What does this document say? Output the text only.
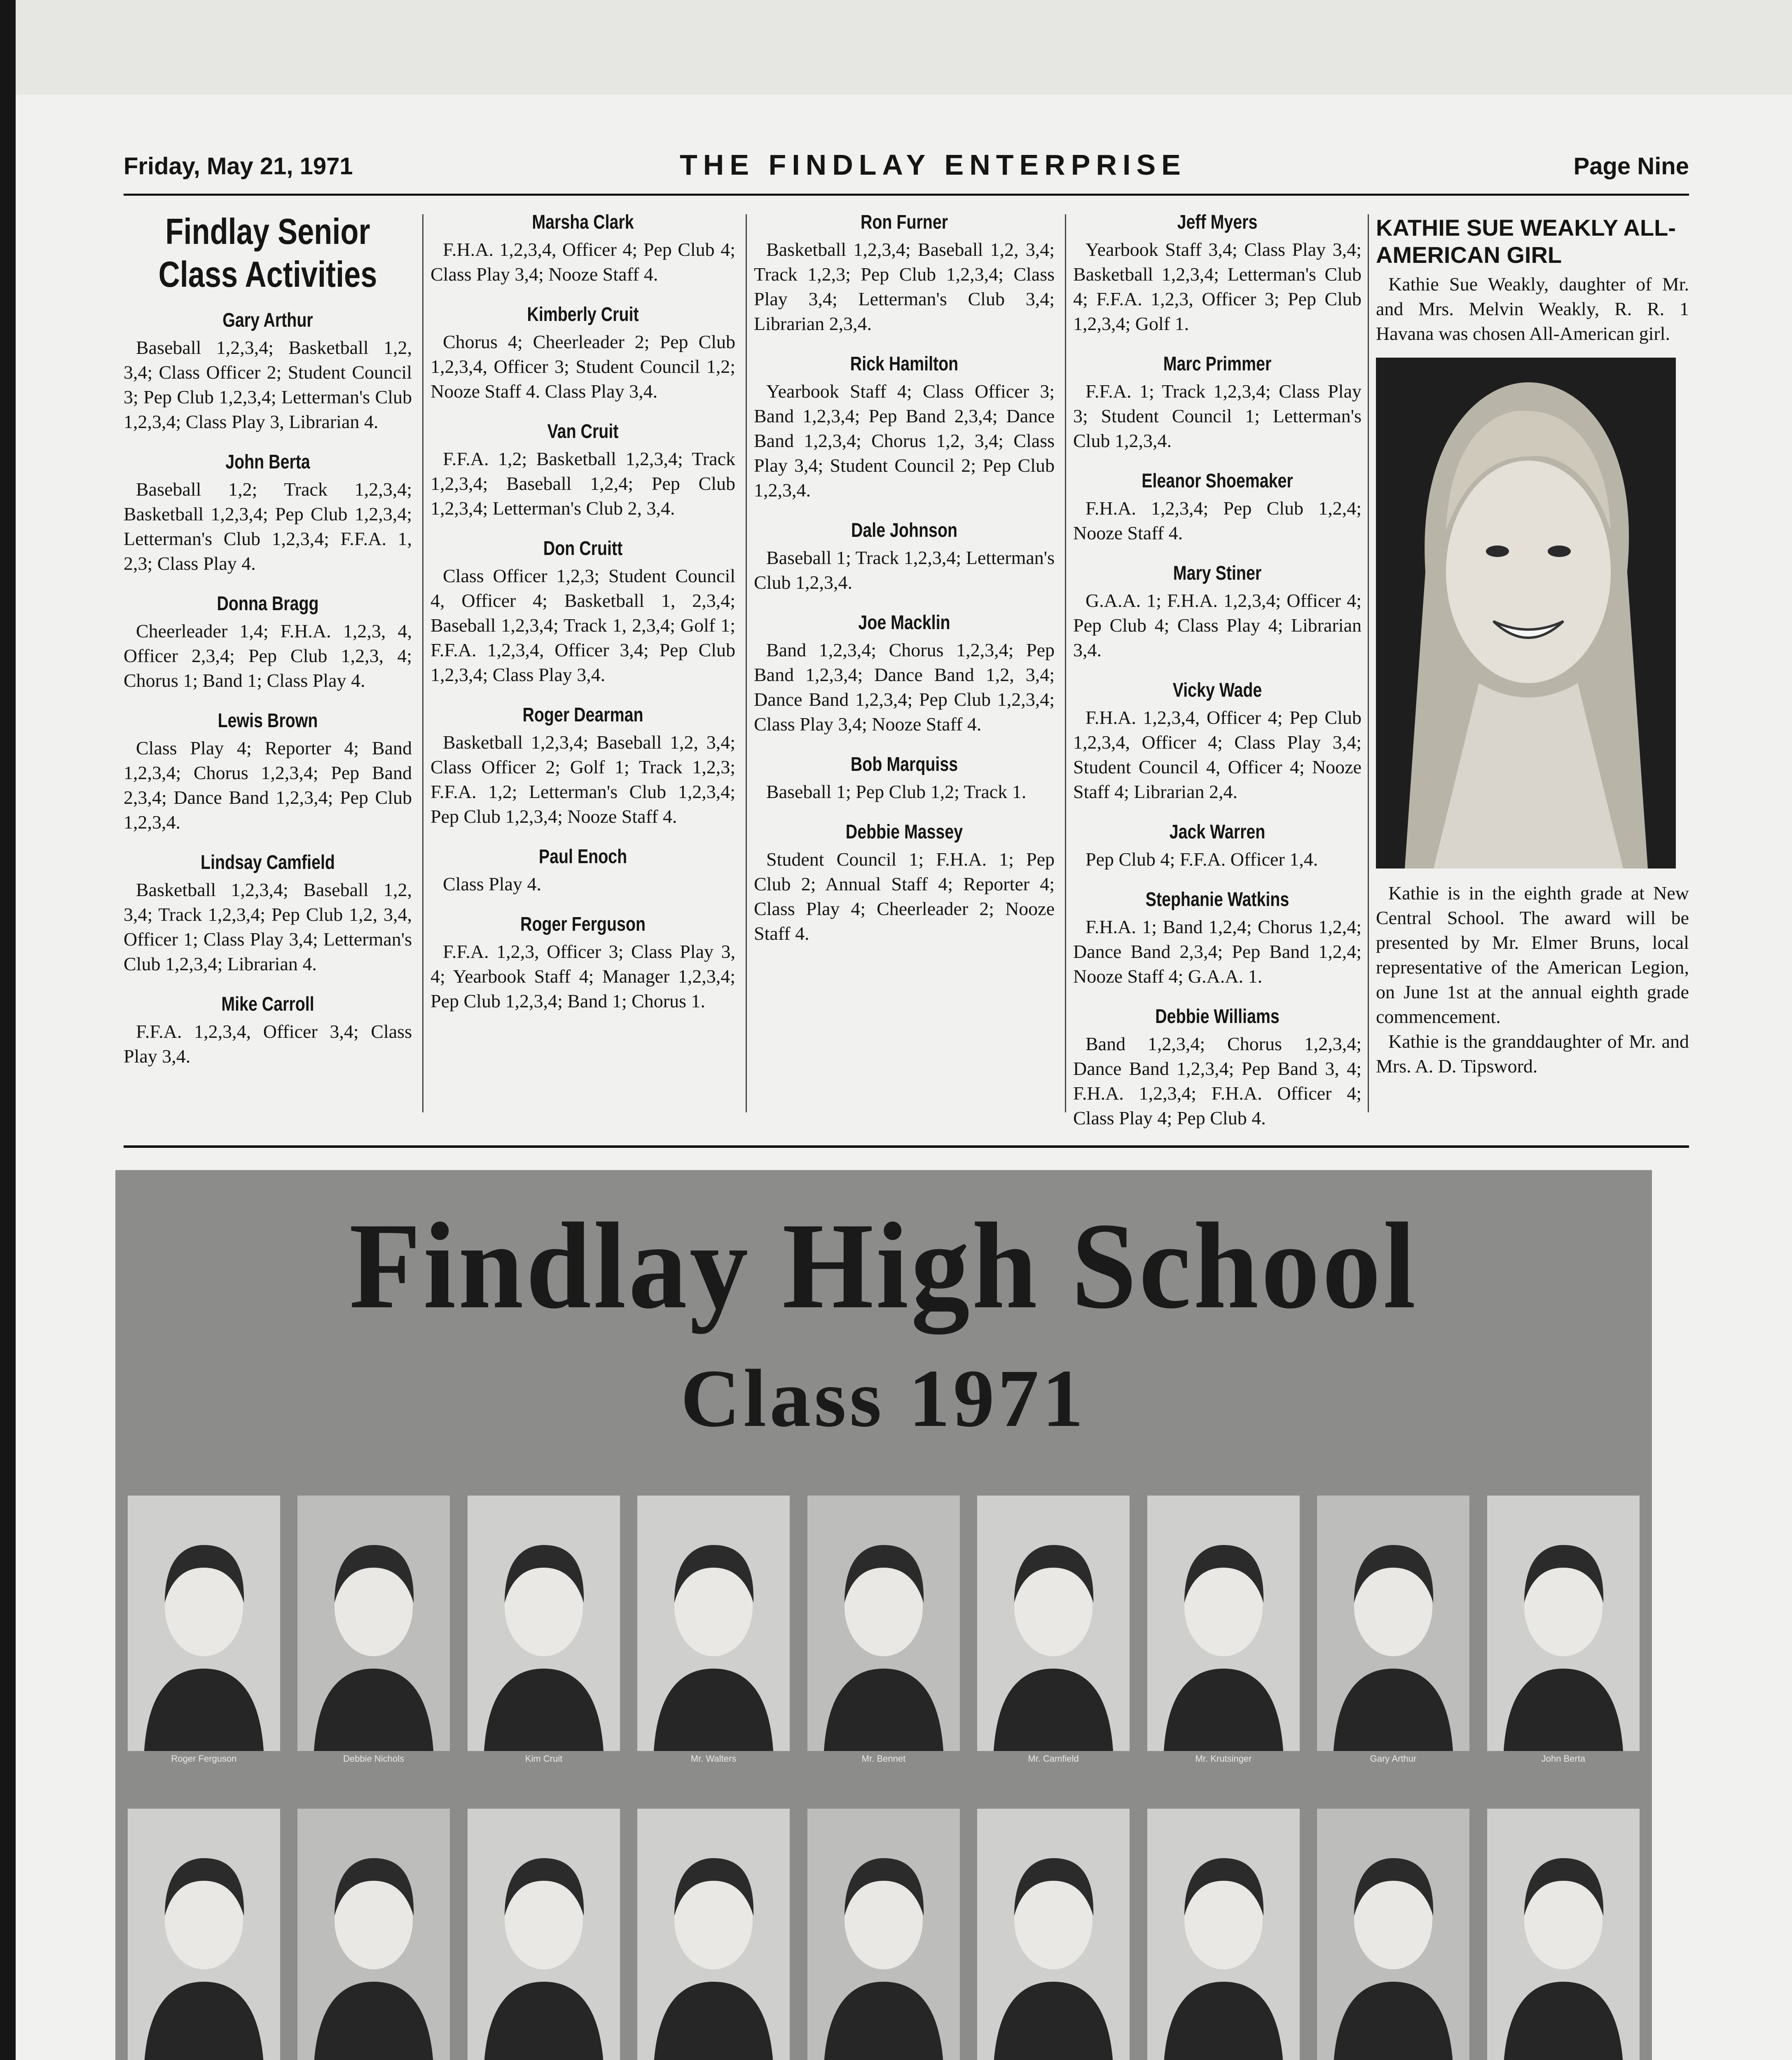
Friday, May 21, 1971	THE FINDLAY ENTERPRISE	Page Nine
Findlay Senior Class Activities
Gary Arthur
Baseball 1,2,3,4; Basketball 1,2, 3,4; Class Officer 2; Student Council 3; Pep Club 1,2,3,4; Letterman's Club 1,2,3,4; Class Play 3, Librarian 4.
John Berta
Baseball 1,2; Track 1,2,3,4; Basketball 1,2,3,4; Pep Club 1,2,3,4; Letterman's Club 1,2,3,4; F.F.A. 1, 2,3; Class Play 4.
Donna Bragg
Cheerleader 1,4; F.H.A. 1,2,3, 4, Officer 2,3,4; Pep Club 1,2,3, 4; Chorus 1; Band 1; Class Play 4.
Lewis Brown
Class Play 4; Reporter 4; Band 1,2,3,4; Chorus 1,2,3,4; Pep Band 2,3,4; Dance Band 1,2,3,4; Pep Club 1,2,3,4.
Lindsay Camfield
Basketball 1,2,3,4; Baseball 1,2, 3,4; Track 1,2,3,4; Pep Club 1,2, 3,4, Officer 1; Class Play 3,4; Letterman's Club 1,2,3,4; Librarian 4.
Mike Carroll
F.F.A. 1,2,3,4, Officer 3,4; Class Play 3,4.
Marsha Clark
F.H.A. 1,2,3,4, Officer 4; Pep Club 4; Class Play 3,4; Nooze Staff 4.
Kimberly Cruit
Chorus 4; Cheerleader 2; Pep Club 1,2,3,4, Officer 3; Student Council 1,2; Nooze Staff 4. Class Play 3,4.
Van Cruit
F.F.A. 1,2; Basketball 1,2,3,4; Track 1,2,3,4; Baseball 1,2,4; Pep Club 1,2,3,4; Letterman's Club 2, 3,4.
Don Cruitt
Class Officer 1,2,3; Student Council 4, Officer 4; Basketball 1, 2,3,4; Baseball 1,2,3,4; Track 1, 2,3,4; Golf 1; F.F.A. 1,2,3,4, Officer 3,4; Pep Club 1,2,3,4; Class Play 3,4.
Roger Dearman
Basketball 1,2,3,4; Baseball 1,2, 3,4; Class Officer 2; Golf 1; Track 1,2,3; F.F.A. 1,2; Letterman's Club 1,2,3,4; Pep Club 1,2,3,4; Nooze Staff 4.
Paul Enoch
Class Play 4.
Roger Ferguson
F.F.A. 1,2,3, Officer 3; Class Play 3, 4; Yearbook Staff 4; Manager 1,2,3,4; Pep Club 1,2,3,4; Band 1; Chorus 1.
Ron Furner
Basketball 1,2,3,4; Baseball 1,2, 3,4; Track 1,2,3; Pep Club 1,2,3,4; Class Play 3,4; Letterman's Club 3,4; Librarian 2,3,4.
Rick Hamilton
Yearbook Staff 4; Class Officer 3; Band 1,2,3,4; Pep Band 2,3,4; Dance Band 1,2,3,4; Chorus 1,2, 3,4; Class Play 3,4; Student Council 2; Pep Club 1,2,3,4.
Dale Johnson
Baseball 1; Track 1,2,3,4; Letterman's Club 1,2,3,4.
Joe Macklin
Band 1,2,3,4; Chorus 1,2,3,4; Pep Band 1,2,3,4; Dance Band 1,2, 3,4; Dance Band 1,2,3,4; Pep Club 1,2,3,4; Class Play 3,4; Nooze Staff 4.
Bob Marquiss
Baseball 1; Pep Club 1,2; Track 1.
Debbie Massey
Student Council 1; F.H.A. 1; Pep Club 2; Annual Staff 4; Reporter 4; Class Play 4; Cheerleader 2; Nooze Staff 4.
Jeff Myers
Yearbook Staff 3,4; Class Play 3,4; Basketball 1,2,3,4; Letterman's Club 4; F.F.A. 1,2,3, Officer 3; Pep Club 1,2,3,4; Golf 1.
Marc Primmer
F.F.A. 1; Track 1,2,3,4; Class Play 3; Student Council 1; Letterman's Club 1,2,3,4.
Eleanor Shoemaker
F.H.A. 1,2,3,4; Pep Club 1,2,4; Nooze Staff 4.
Mary Stiner
G.A.A. 1; F.H.A. 1,2,3,4; Officer 4; Pep Club 4; Class Play 4; Librarian 3,4.
Vicky Wade
F.H.A. 1,2,3,4, Officer 4; Pep Club 1,2,3,4, Officer 4; Class Play 3,4; Student Council 4, Officer 4; Nooze Staff 4; Librarian 2,4.
Jack Warren
Pep Club 4; F.F.A. Officer 1,4.
Stephanie Watkins
F.H.A. 1; Band 1,2,4; Chorus 1,2,4; Dance Band 2,3,4; Pep Band 1,2,4; Nooze Staff 4; G.A.A. 1.
Debbie Williams
Band 1,2,3,4; Chorus 1,2,3,4; Dance Band 1,2,3,4; Pep Band 3, 4; F.H.A. 1,2,3,4; F.H.A. Officer 4; Class Play 4; Pep Club 4.
KATHIE SUE WEAKLY ALL-AMERICAN GIRL

Kathie Sue Weakly, daughter of Mr. and Mrs. Melvin Weakly, R. R. 1 Havana was chosen All-American girl.

Kathie is in the eighth grade at New Central School. The award will be presented by Mr. Elmer Bruns, local representative of the American Legion, on June 1st at the annual eighth grade commencement.

Kathie is the granddaughter of Mr. and Mrs. A. D. Tipsword.

Findlay High School
Class 1971
Roger Ferguson	Debbie Nichols	Kim Cruit	Mr. Walters	Mr. Bennet	Mr. Camfield	Mr. Krutsinger	Gary Arthur	John Berta
